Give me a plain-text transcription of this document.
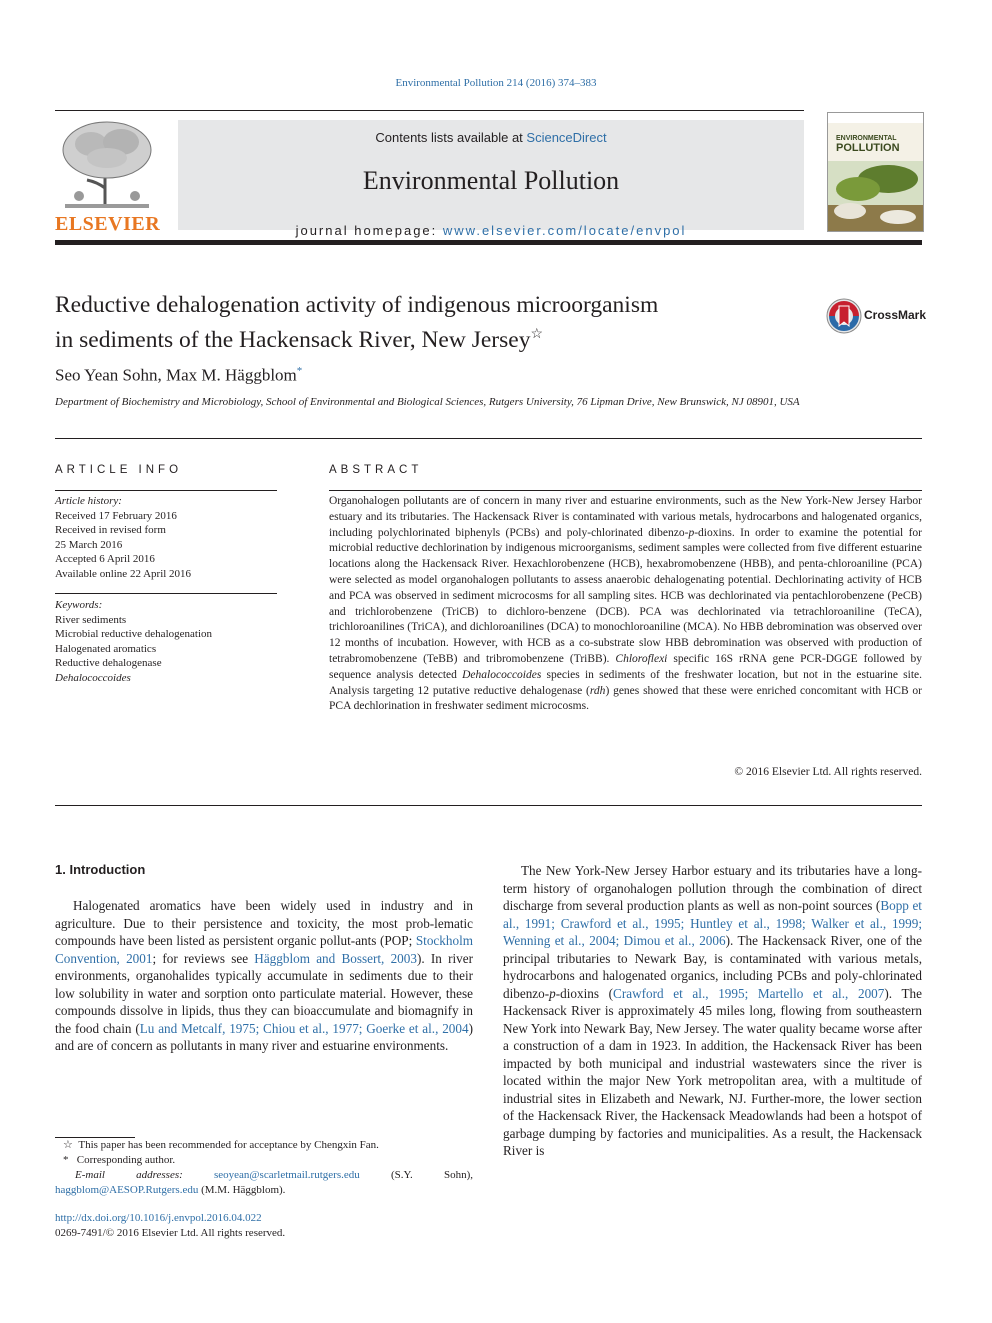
Environmental Pollution 214 (2016) 374–383
ELSEVIER
Contents lists available at ScienceDirect
Environmental Pollution
journal homepage: www.elsevier.com/locate/envpol
ENVIRONMENTAL
POLLUTION
Reductive dehalogenation activity of indigenous microorganism
in sediments of the Hackensack River, New Jersey☆
CrossMark
Seo Yean Sohn, Max M. Häggblom*
Department of Biochemistry and Microbiology, School of Environmental and Biological Sciences, Rutgers University, 76 Lipman Drive, New Brunswick, NJ 08901, USA
ARTICLE INFO
Article history:
Received 17 February 2016
Received in revised form
25 March 2016
Accepted 6 April 2016
Available online 22 April 2016
Keywords:
River sediments
Microbial reductive dehalogenation
Halogenated aromatics
Reductive dehalogenase
Dehalococcoides
ABSTRACT
Organohalogen pollutants are of concern in many river and estuarine environments, such as the New York-New Jersey Harbor estuary and its tributaries. The Hackensack River is contaminated with various metals, hydrocarbons and halogenated organics, including polychlorinated biphenyls (PCBs) and poly-chlorinated dibenzo-p-dioxins. In order to examine the potential for microbial reductive dechlorination by indigenous microorganisms, sediment samples were collected from five different estuarine locations along the Hackensack River. Hexachlorobenzene (HCB), hexabromobenzene (HBB), and penta-chloroaniline (PCA) were selected as model organohalogen pollutants to assess anaerobic dehalogenating potential. Dechlorinating activity of HCB and PCA was observed in sediment microcosms for all sampling sites. HCB was dechlorinated via pentachlorobenzene (PeCB) and trichlorobenzene (TriCB) to dichloro-benzene (DCB). PCA was dechlorinated via tetrachloroaniline (TeCA), trichloroanilines (TriCA), and dichloroanilines (DCA) to monochloroaniline (MCA). No HBB debromination was observed over 12 months of incubation. However, with HCB as a co-substrate slow HBB debromination was observed with production of tetrabromobenzene (TeBB) and tribromobenzene (TriBB). Chloroflexi specific 16S rRNA gene PCR-DGGE followed by sequence analysis detected Dehalococcoides species in sediments of the freshwater location, but not in the estuarine site. Analysis targeting 12 putative reductive dehalogenase (rdh) genes showed that these were enriched concomitant with HCB or PCA dechlorination in freshwater sediment microcosms.
© 2016 Elsevier Ltd. All rights reserved.
1. Introduction
Halogenated aromatics have been widely used in industry and in agriculture. Due to their persistence and toxicity, the most prob-lematic compounds have been listed as persistent organic pollut-ants (POP; Stockholm Convention, 2001; for reviews see Häggblom and Bossert, 2003). In river environments, organohalides typically accumulate in sediments due to their low solubility in water and sorption onto particulate material. However, these compounds dissolve in lipids, thus they can bioaccumulate and biomagnify in the food chain (Lu and Metcalf, 1975; Chiou et al., 1977; Goerke et al., 2004) and are of concern as pollutants in many river and estuarine environments.
The New York-New Jersey Harbor estuary and its tributaries have a long-term history of organohalogen pollution through the combination of direct discharge from several production plants as well as non-point sources (Bopp et al., 1991; Crawford et al., 1995; Huntley et al., 1998; Walker et al., 1999; Wenning et al., 2004; Dimou et al., 2006). The Hackensack River, one of the principal tributaries to Newark Bay, is contaminated with various metals, hydrocarbons and halogenated organics, including PCBs and poly-chlorinated dibenzo-p-dioxins (Crawford et al., 1995; Martello et al., 2007). The Hackensack River is approximately 45 miles long, flowing from southeastern New York into Newark Bay, New Jersey. The water quality became worse after a construction of a dam in 1923. In addition, the Hackensack River has been impacted by both municipal and industrial wastewaters since the river is located within the major New York metropolitan area, with a multitude of industrial sites in Elizabeth and Newark, NJ. Further-more, the lower section of the Hackensack River, the Hackensack Meadowlands had been a hotspot of garbage dumping by factories and municipalities. As a result, the Hackensack River is
☆  This paper has been recommended for acceptance by Chengxin Fan.
*   Corresponding author.
E-mail addresses: seoyean@scarletmail.rutgers.edu (S.Y. Sohn), haggblom@AESOP.Rutgers.edu (M.M. Häggblom).
http://dx.doi.org/10.1016/j.envpol.2016.04.022
0269-7491/© 2016 Elsevier Ltd. All rights reserved.
